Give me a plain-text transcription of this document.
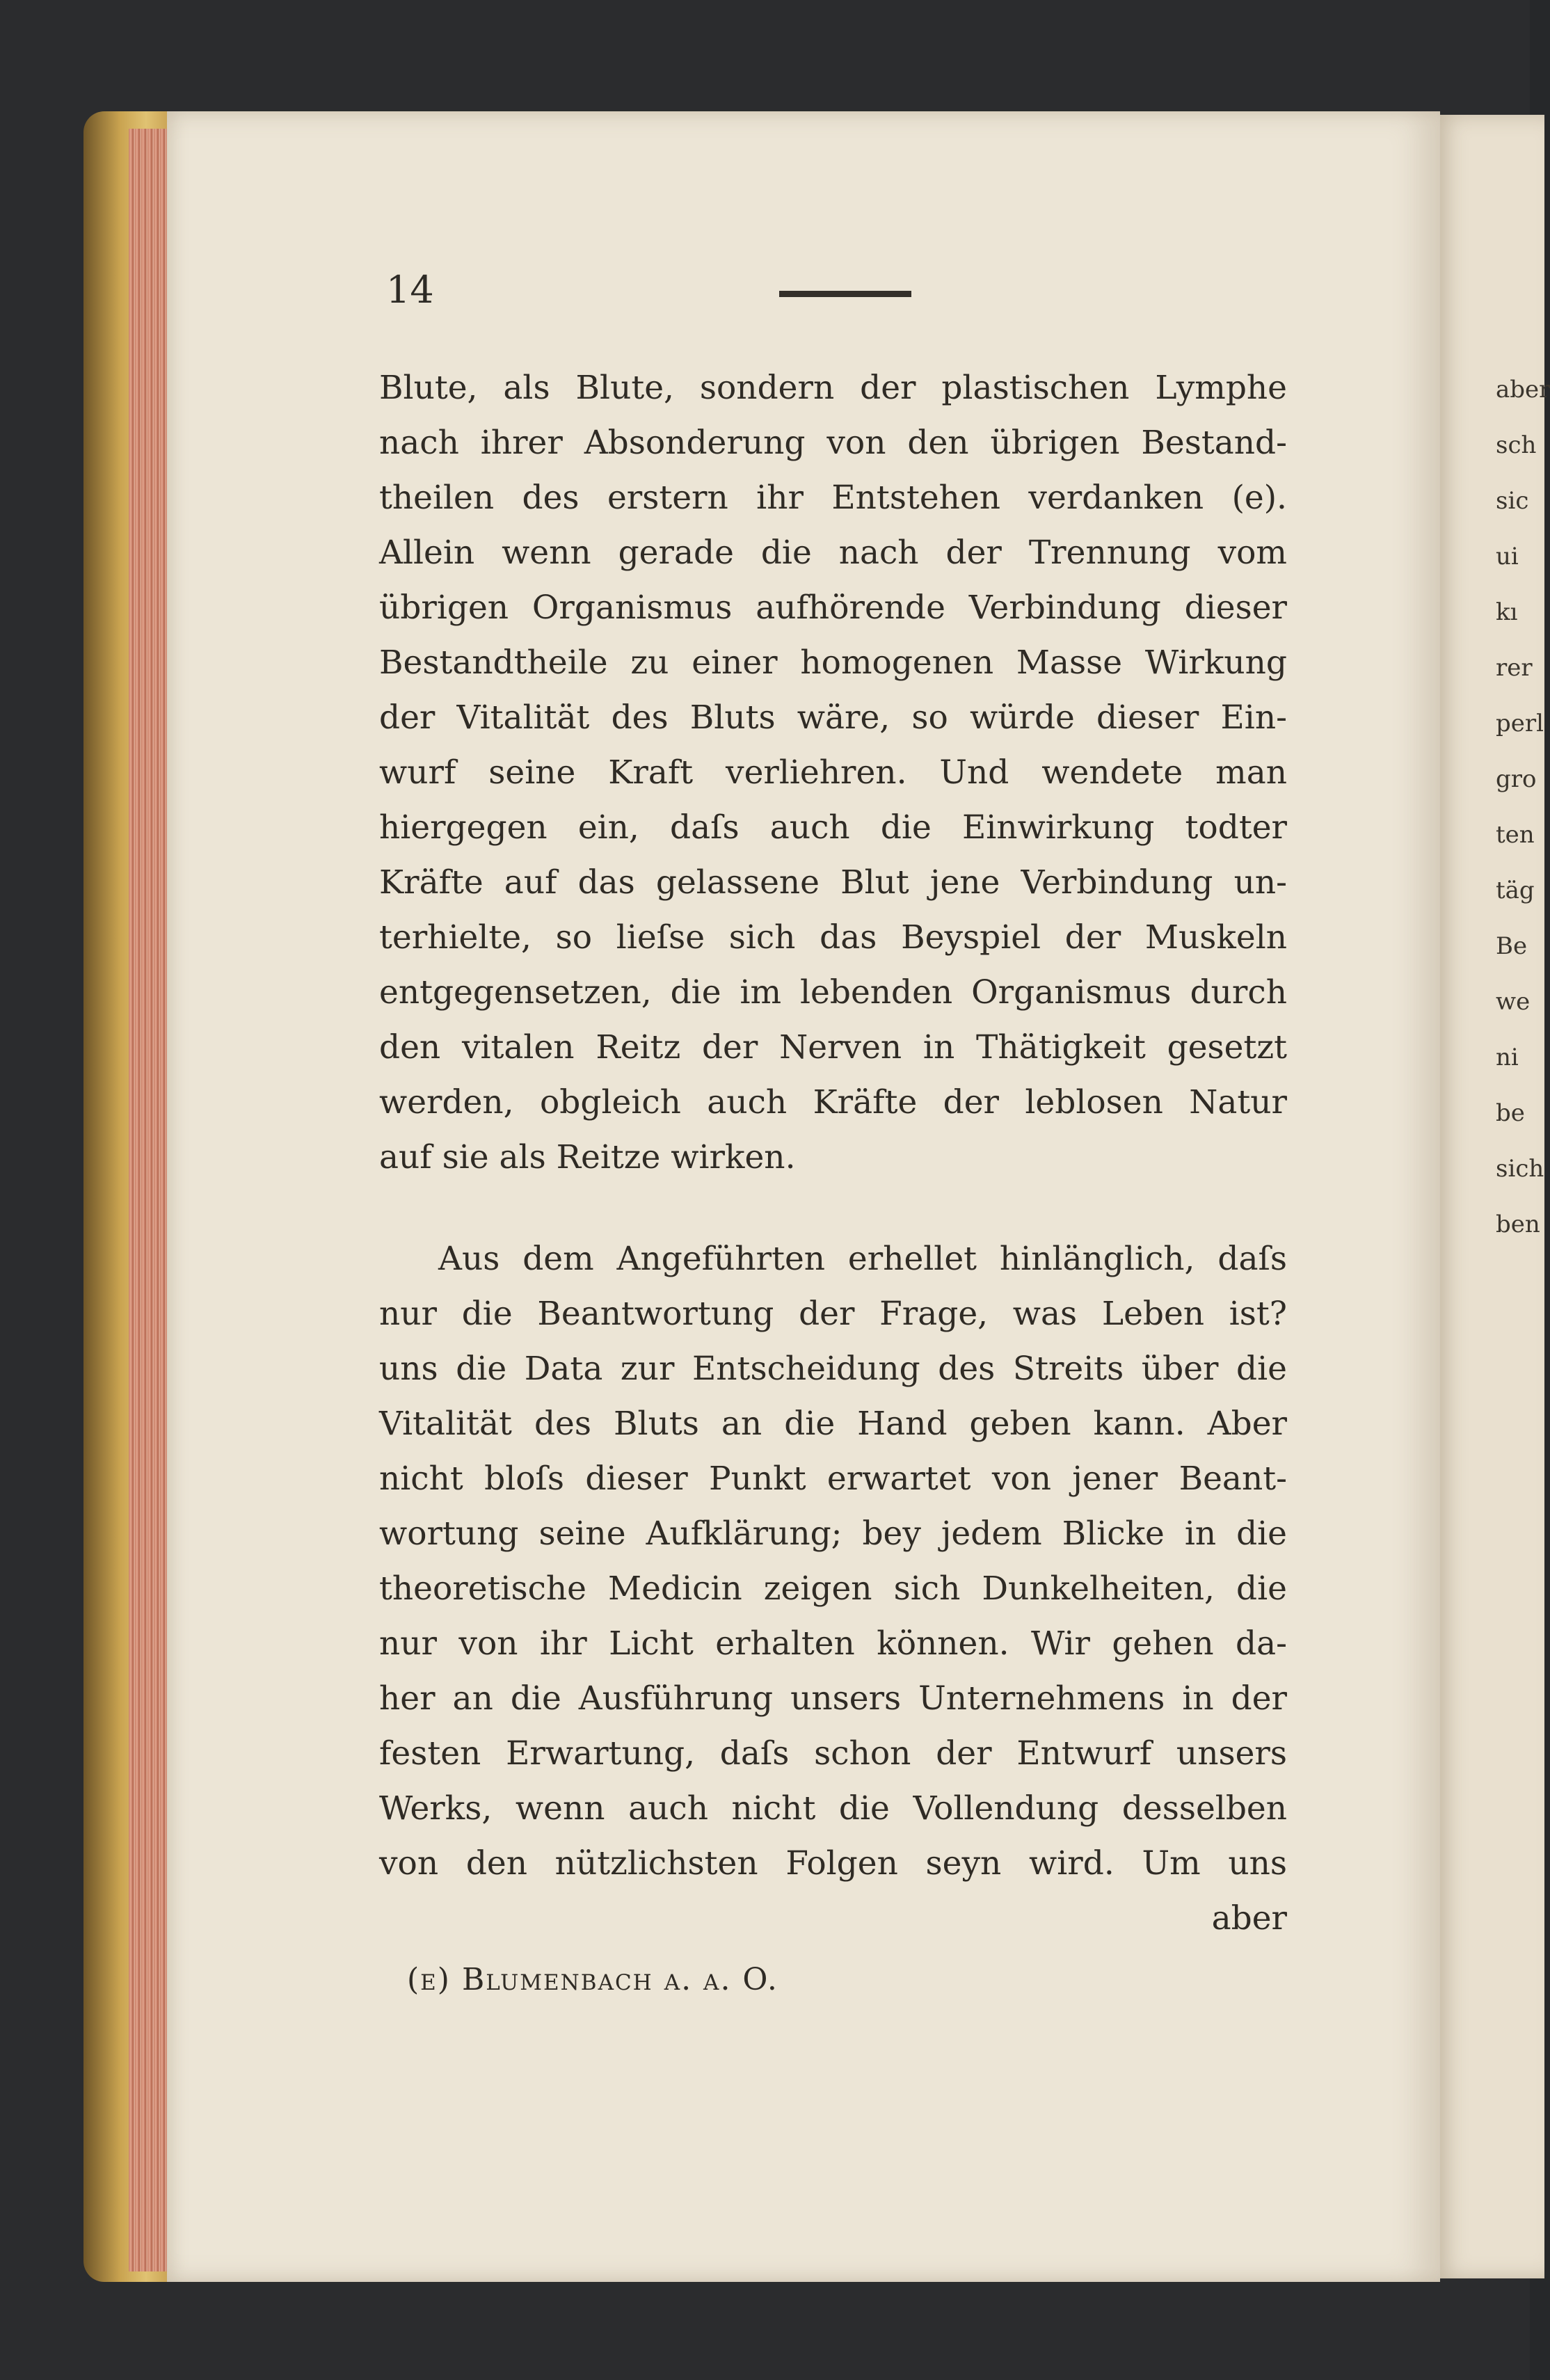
aber
sch
sic
ui
kı
rer
perl
gro
ten
täg
Be
we
ni
be
sich
ben
14
Blute, als Blute, sondern der plastischen Lymphe
nach ihrer Absonderung von den übrigen Bestand-
theilen des erstern ihr Entstehen verdanken (e).
Allein wenn gerade die nach der Trennung vom
übrigen Organismus aufhörende Verbindung dieser
Bestandtheile zu einer homogenen Masse Wirkung
der Vitalität des Bluts wäre, so würde dieser Ein-
wurf seine Kraft verliehren. Und wendete man
hiergegen ein, daſs auch die Einwirkung todter
Kräfte auf das gelassene Blut jene Verbindung un-
terhielte, so lieſse sich das Beyspiel der Muskeln
entgegensetzen, die im lebenden Organismus durch
den vitalen Reitz der Nerven in Thätigkeit gesetzt
werden, obgleich auch Kräfte der leblosen Natur
auf sie als Reitze wirken.
Aus dem Angeführten erhellet hinlänglich, daſs
nur die Beantwortung der Frage, was Leben ist?
uns die Data zur Entscheidung des Streits über die
Vitalität des Bluts an die Hand geben kann. Aber
nicht bloſs dieser Punkt erwartet von jener Beant-
wortung seine Aufklärung; bey jedem Blicke in die
theoretische Medicin zeigen sich Dunkelheiten, die
nur von ihr Licht erhalten können. Wir gehen da-
her an die Ausführung unsers Unternehmens in der
festen Erwartung, daſs schon der Entwurf unsers
Werks, wenn auch nicht die Vollendung desselben
von den nützlichsten Folgen seyn wird. Um uns
aber
(e) Blumenbach a. a. O.
